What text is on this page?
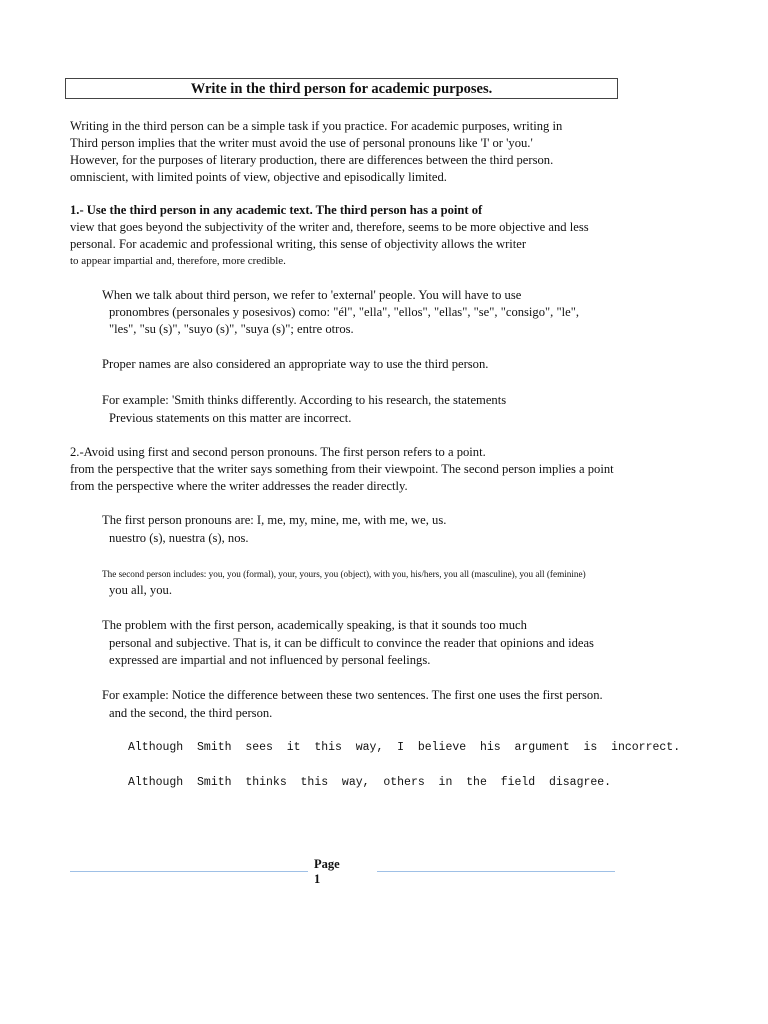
Write in the third person for academic purposes.
Writing in the third person can be a simple task if you practice. For academic purposes, writing in
Third person implies that the writer must avoid the use of personal pronouns like 'I' or 'you.'
However, for the purposes of literary production, there are differences between the third person.
omniscient, with limited points of view, objective and episodically limited.
1.- Use the third person in any academic text. The third person has a point of
view that goes beyond the subjectivity of the writer and, therefore, seems to be more objective and less
personal. For academic and professional writing, this sense of objectivity allows the writer
to appear impartial and, therefore, more credible.
When we talk about third person, we refer to 'external' people. You will have to use
pronombres (personales y posesivos) como: "él", "ella", "ellos", "ellas", "se", "consigo", "le",
"les", "su (s)", "suyo (s)", "suya (s)"; entre otros.
Proper names are also considered an appropriate way to use the third person.
For example: 'Smith thinks differently. According to his research, the statements
Previous statements on this matter are incorrect.
2.-Avoid using first and second person pronouns. The first person refers to a point.
from the perspective that the writer says something from their viewpoint. The second person implies a point
from the perspective where the writer addresses the reader directly.
The first person pronouns are: I, me, my, mine, me, with me, we, us.
nuestro (s), nuestra (s), nos.
The second person includes: you, you (formal), your, yours, you (object), with you, his/hers, you all (masculine), you all (feminine)
you all, you.
The problem with the first person, academically speaking, is that it sounds too much
personal and subjective. That is, it can be difficult to convince the reader that opinions and ideas
expressed are impartial and not influenced by personal feelings.
For example: Notice the difference between these two sentences. The first one uses the first person.
and the second, the third person.
Although  Smith  sees  it  this  way,  I  believe  his  argument  is  incorrect.
Although  Smith  thinks  this  way,  others  in  the  field  disagree.
Page
1
